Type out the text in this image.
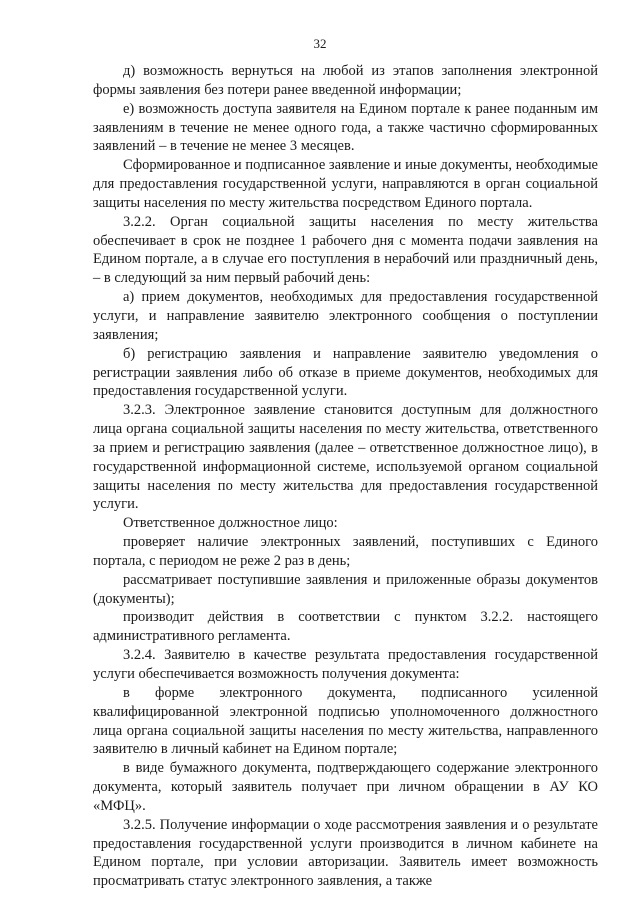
32

д) возможность вернуться на любой из этапов заполнения электронной формы заявления без потери ранее введенной информации;

е) возможность доступа заявителя на Едином портале к ранее поданным им заявлениям в течение не менее одного года, а также частично сформированных заявлений – в течение не менее 3 месяцев.

Сформированное и подписанное заявление и иные документы, необходимые для предоставления государственной услуги, направляются в орган социальной защиты населения по месту жительства посредством Единого портала.

3.2.2. Орган социальной защиты населения по месту жительства обеспечивает в срок не позднее 1 рабочего дня с момента подачи заявления на Едином портале, а в случае его поступления в нерабочий или праздничный день, – в следующий за ним первый рабочий день:

а) прием документов, необходимых для предоставления государственной услуги, и направление заявителю электронного сообщения о поступлении заявления;

б) регистрацию заявления и направление заявителю уведомления о регистрации заявления либо об отказе в приеме документов, необходимых для предоставления государственной услуги.

3.2.3. Электронное заявление становится доступным для должностного лица органа социальной защиты населения по месту жительства, ответственного за прием и регистрацию заявления (далее – ответственное должностное лицо), в государственной информационной системе, используемой органом социальной защиты населения по месту жительства для предоставления государственной услуги.

Ответственное должностное лицо:

проверяет наличие электронных заявлений, поступивших с Единого портала, с периодом не реже 2 раз в день;

рассматривает поступившие заявления и приложенные образы документов (документы);

производит действия в соответствии с пунктом 3.2.2. настоящего административного регламента.

3.2.4. Заявителю в качестве результата предоставления государственной услуги обеспечивается возможность получения документа:

в форме электронного документа, подписанного усиленной квалифицированной электронной подписью уполномоченного должностного лица органа социальной защиты населения по месту жительства, направленного заявителю в личный кабинет на Едином портале;

в виде бумажного документа, подтверждающего содержание электронного документа, который заявитель получает при личном обращении в АУ КО «МФЦ».

3.2.5. Получение информации о ходе рассмотрения заявления и о результате предоставления государственной услуги производится в личном кабинете на Едином портале, при условии авторизации. Заявитель имеет возможность просматривать статус электронного заявления, а также
